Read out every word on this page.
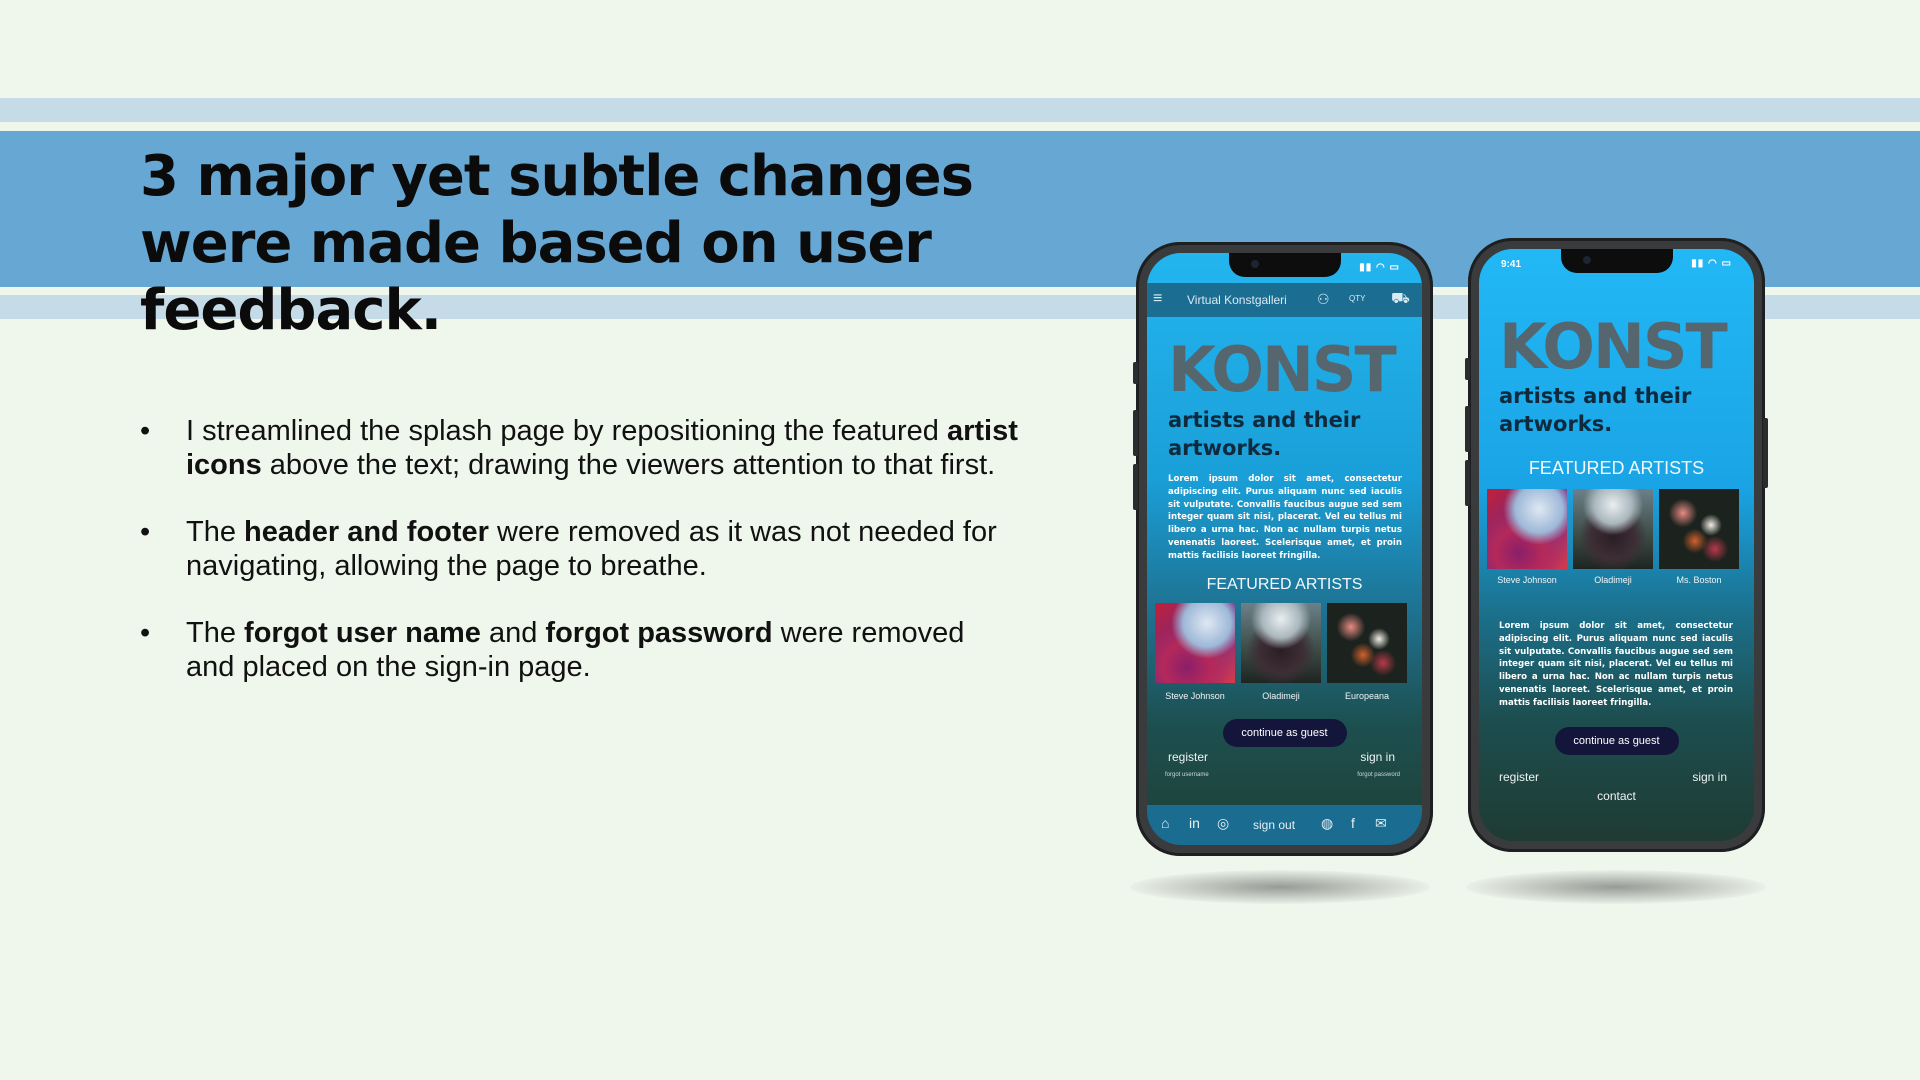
3 major yet subtle changes were made based on user feedback.
• I streamlined the splash page by repositioning the featured artist icons above the text; drawing the viewers attention to that first.
• The header and footer were removed as it was not needed for navigating, allowing the page to breathe.
• The forgot user name and forgot password were removed and placed on the sign-in page.
▮▮ ◠ ▭
≡ Virtual Konstgalleri ⚇ QTY ⛟
KONST
artists and their
artworks.
Lorem ipsum dolor sit amet, consectetur adipiscing elit. Purus aliquam nunc sed iaculis sit vulputate. Convallis faucibus augue sed sem integer quam sit nisi, placerat. Vel eu tellus mi libero a urna hac. Non ac nullam turpis netus venenatis laoreet. Scelerisque amet, et proin mattis facilisis laoreet fringilla.
FEATURED ARTISTS
Steve Johnson	Oladimeji	Europeana
continue as guest
register	sign in
forgot username	forgot password
⌂ in ◎ sign out ◍ f ✉
9:41	▮▮ ◠ ▭
KONST
artists and their
artworks.
FEATURED ARTISTS
Steve Johnson	Oladimeji	Ms. Boston
Lorem ipsum dolor sit amet, consectetur adipiscing elit. Purus aliquam nunc sed iaculis sit vulputate. Convallis faucibus augue sed sem integer quam sit nisi, placerat. Vel eu tellus mi libero a urna hac. Non ac nullam turpis netus venenatis laoreet. Scelerisque amet, et proin mattis facilisis laoreet fringilla.
continue as guest
register	sign in
contact
